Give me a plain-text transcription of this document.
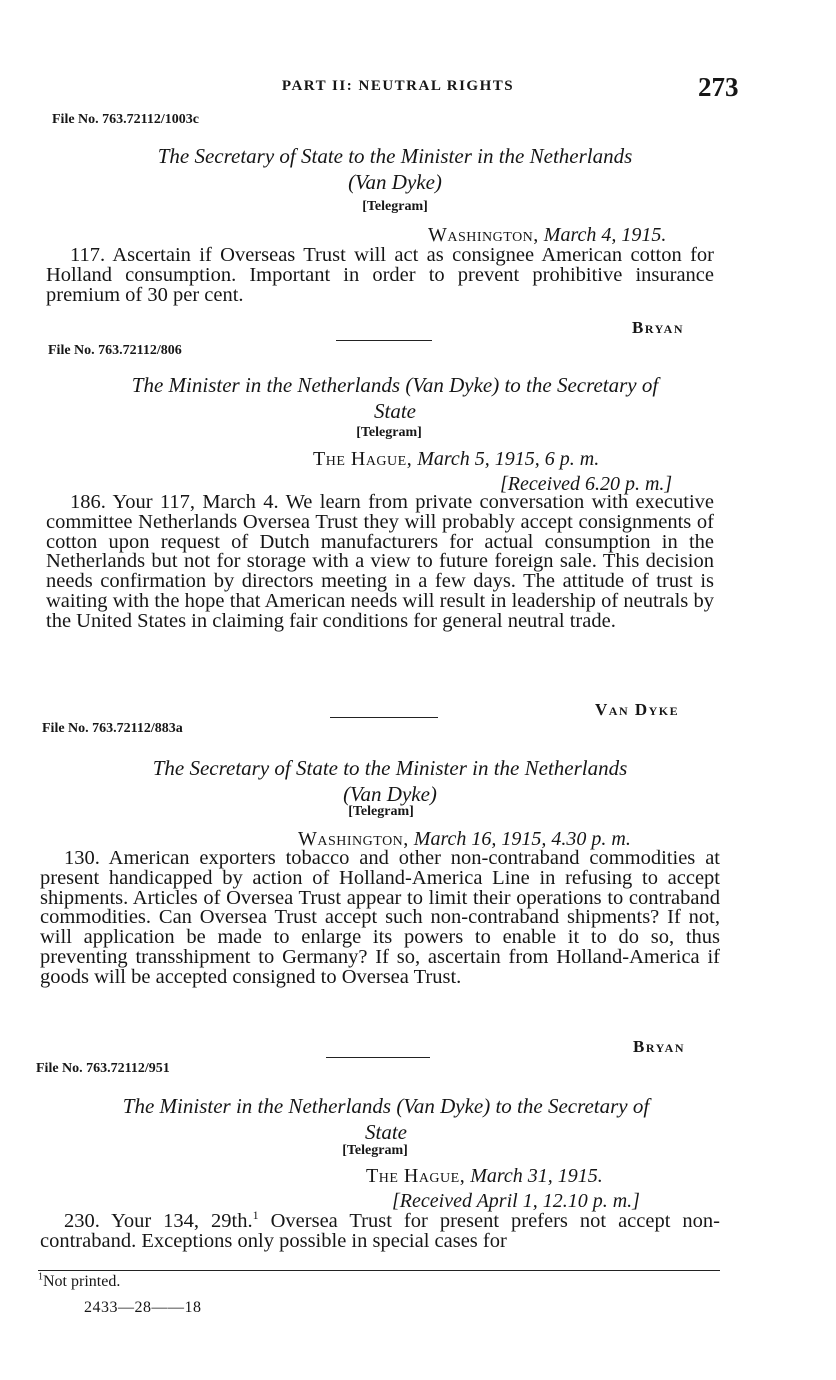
PART II: NEUTRAL RIGHTS	273
File No. 763.72112/1003c
The Secretary of State to the Minister in the Netherlands
(Van Dyke)
[Telegram]
Washington, March 4, 1915.
117. Ascertain if Overseas Trust will act as consignee American cotton for Holland consumption. Important in order to prevent prohibitive insurance premium of 30 per cent.
Bryan
File No. 763.72112/806
The Minister in the Netherlands (Van Dyke) to the Secretary of
State
[Telegram]
The Hague, March 5, 1915, 6 p. m.
[Received 6.20 p. m.]
186. Your 117, March 4. We learn from private conversation with executive committee Netherlands Oversea Trust they will probably accept consignments of cotton upon request of Dutch manufacturers for actual consumption in the Netherlands but not for storage with a view to future foreign sale. This decision needs confirmation by directors meeting in a few days. The attitude of trust is waiting with the hope that American needs will result in leadership of neutrals by the United States in claiming fair conditions for general neutral trade.
Van Dyke
File No. 763.72112/883a
The Secretary of State to the Minister in the Netherlands
(Van Dyke)
[Telegram]
Washington, March 16, 1915, 4.30 p. m.
130. American exporters tobacco and other non-contraband commodities at present handicapped by action of Holland-America Line in refusing to accept shipments. Articles of Oversea Trust appear to limit their operations to contraband commodities. Can Oversea Trust accept such non-contraband shipments? If not, will application be made to enlarge its powers to enable it to do so, thus preventing transshipment to Germany? If so, ascertain from Holland-America if goods will be accepted consigned to Oversea Trust.
Bryan
File No. 763.72112/951
The Minister in the Netherlands (Van Dyke) to the Secretary of
State
[Telegram]
The Hague, March 31, 1915.
[Received April 1, 12.10 p. m.]
230. Your 134, 29th.$^1$ Oversea Trust for present prefers not accept non-contraband. Exceptions only possible in special cases for
$^1$Not printed.
2433—28——18
